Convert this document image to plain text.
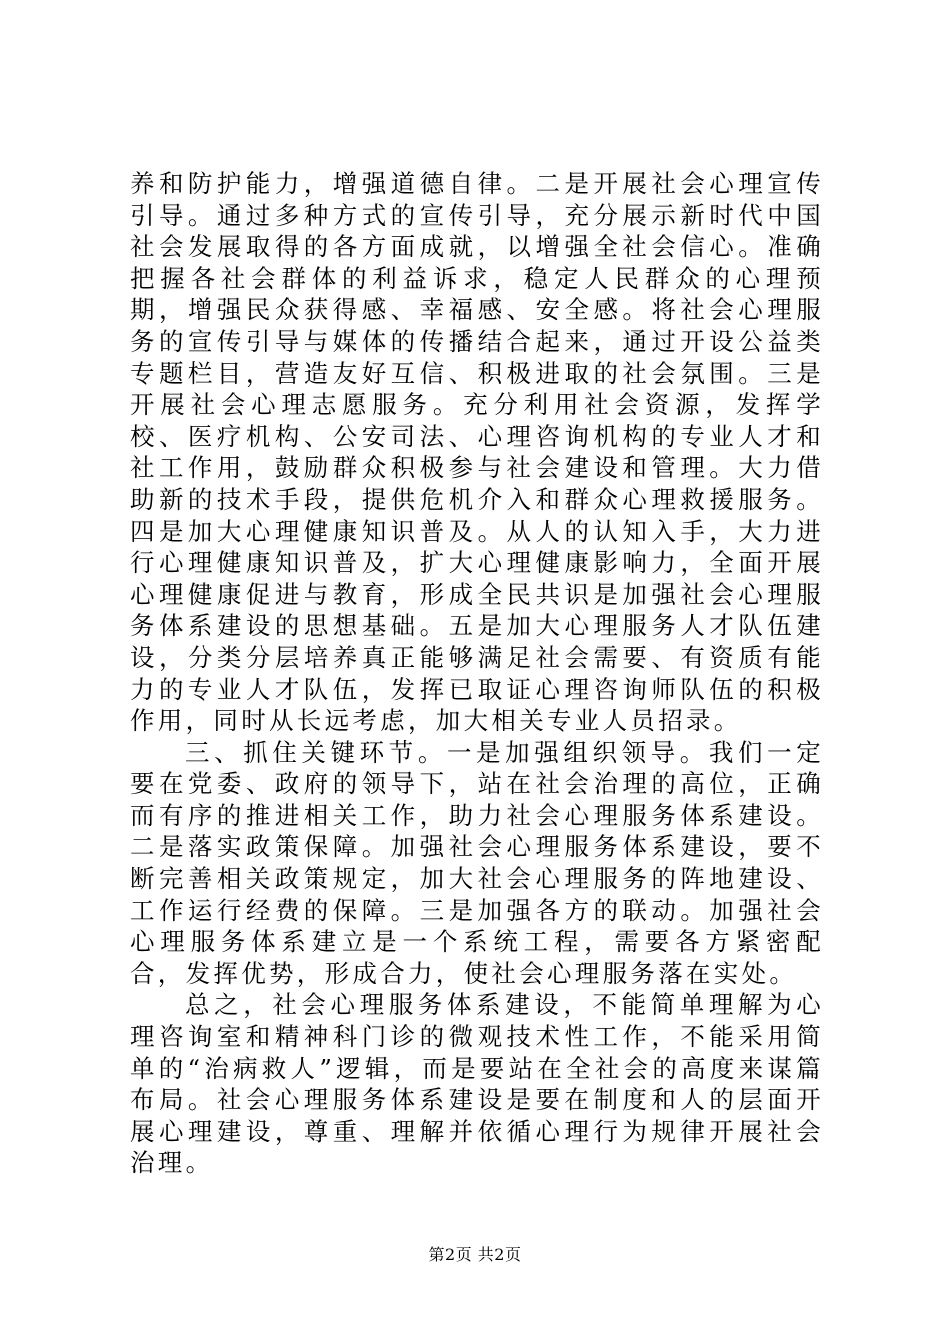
养和防护能力，增强道德自律。二是开展社会心理宣传引导。通过多种方式的宣传引导，充分展示新时代中国社会发展取得的各方面成就，以增强全社会信心。准确把握各社会群体的利益诉求，稳定人民群众的心理预期，增强民众获得感、幸福感、安全感。将社会心理服务的宣传引导与媒体的传播结合起来，通过开设公益类专题栏目，营造友好互信、积极进取的社会氛围。三是开展社会心理志愿服务。充分利用社会资源，发挥学校、医疗机构、公安司法、心理咨询机构的专业人才和社工作用，鼓励群众积极参与社会建设和管理。大力借助新的技术手段，提供危机介入和群众心理救援服务。四是加大心理健康知识普及。从人的认知入手，大力进行心理健康知识普及，扩大心理健康影响力，全面开展心理健康促进与教育，形成全民共识是加强社会心理服务体系建设的思想基础。五是加大心理服务人才队伍建设，分类分层培养真正能够满足社会需要、有资质有能力的专业人才队伍，发挥已取证心理咨询师队伍的积极作用，同时从长远考虑，加大相关专业人员招录。

三、抓住关键环节。一是加强组织领导。我们一定要在党委、政府的领导下，站在社会治理的高位，正确而有序的推进相关工作，助力社会心理服务体系建设。二是落实政策保障。加强社会心理服务体系建设，要不断完善相关政策规定，加大社会心理服务的阵地建设、工作运行经费的保障。三是加强各方的联动。加强社会心理服务体系建立是一个系统工程，需要各方紧密配合，发挥优势，形成合力，使社会心理服务落在实处。

总之，社会心理服务体系建设，不能简单理解为心理咨询室和精神科门诊的微观技术性工作，不能采用简单的“治病救人”逻辑，而是要站在全社会的高度来谋篇布局。社会心理服务体系建设是要在制度和人的层面开展心理建设，尊重、理解并依循心理行为规律开展社会治理。

第2页 共2页
